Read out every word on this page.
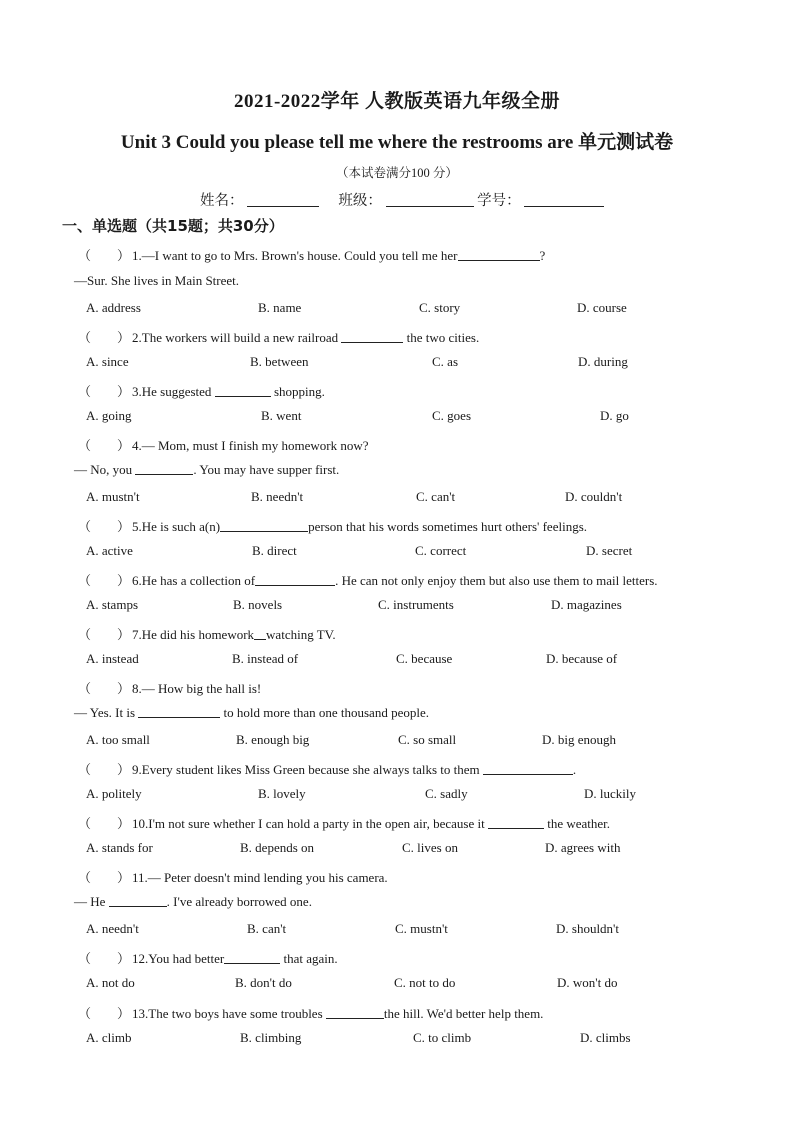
2021-2022学年 人教版英语九年级全册
Unit 3 Could you please tell me where the restrooms are 单元测试卷
（本试卷满分100 分）
姓名：	班级：	学号：
一、单选题（共15题；共30分）
（　　） 1.—I want to go to Mrs. Brown's house. Could you tell me her	?
—Sur. She lives in Main Street.
A. address	B. name	C. story	D. course
（　　） 2.The workers will build a new railroad	the two cities.
A. since	B. between	C. as	D. during
（　　） 3.He suggested	shopping.
A. going	B. went	C. goes	D. go
（　　） 4.— Mom, must I finish my homework now?
— No, you	. You may have supper first.
A. mustn't	B. needn't	C. can't	D. couldn't
（　　） 5.He is such a(n)	person that his words sometimes hurt others' feelings.
A. active	B. direct	C. correct	D. secret
（　　） 6.He has a collection of	. He can not only enjoy them but also use them to mail letters.
A. stamps	B. novels	C. instruments	D. magazines
（　　） 7.He did his homework watching TV.
A. instead	B. instead of	C. because	D. because of
（　　） 8.— How big the hall is!
— Yes. It is	to hold more than one thousand people.
A. too small	B. enough big	C. so small	D. big enough
（　　） 9.Every student likes Miss Green because she always talks to them	.
A. politely	B. lovely	C. sadly	D. luckily
（　　） 10.I'm not sure whether I can hold a party in the open air, because it	the weather.
A. stands for	B. depends on	C. lives on	D. agrees with
（　　） 11.— Peter doesn't mind lending you his camera.
— He	. I've already borrowed one.
A. needn't	B. can't	C. mustn't	D. shouldn't
（　　） 12.You had better	that again.
A. not do	B. don't do	C. not to do	D. won't do
（　　） 13.The two boys have some troubles	the hill. We'd better help them.
A. climb	B. climbing	C. to climb	D. climbs
